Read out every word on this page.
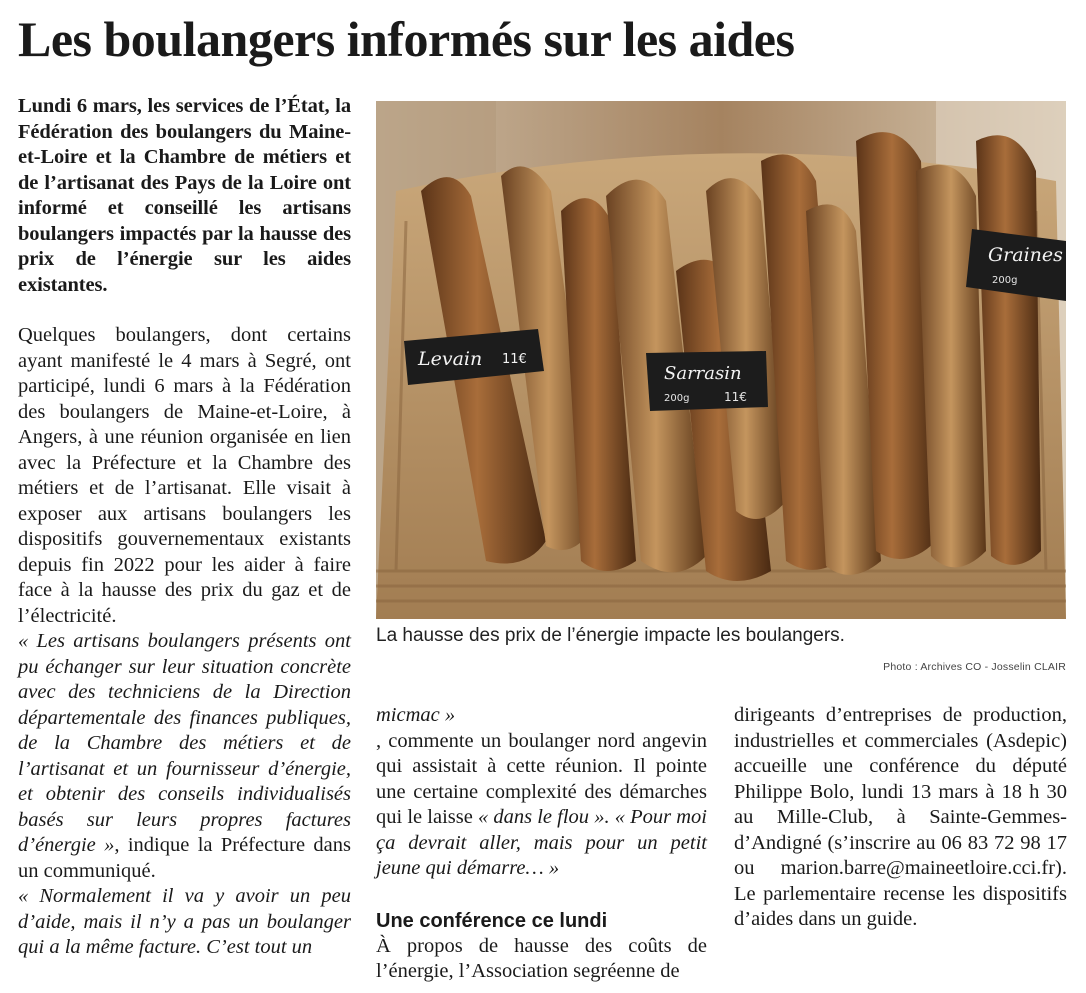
Les boulangers informés sur les aides

Lundi 6 mars, les services de l’État, la Fédération des boulangers du Maine-et-Loire et la Chambre de métiers et de l’artisanat des Pays de la Loire ont informé et conseillé les artisans boulangers impactés par la hausse des prix de l’énergie sur les aides existantes.

Quelques boulangers, dont certains ayant manifesté le 4 mars à Segré, ont participé, lundi 6 mars à la Fédération des boulangers de Maine-et-Loire, à Angers, à une réunion organisée en lien avec la Préfecture et la Chambre des métiers et de l’artisanat. Elle visait à exposer aux artisans boulangers les dispositifs gouvernementaux existants depuis fin 2022 pour les aider à faire face à la hausse des prix du gaz et de l’électricité.

« Les artisans boulangers présents ont pu échanger sur leur situation concrète avec des techniciens de la Direction départementale des finances publiques, de la Chambre des métiers et de l’artisanat et un fournisseur d’énergie, et obtenir des conseils individualisés basés sur leurs propres factures d’énergie », indique la Préfecture dans un communiqué.

« Normalement il va y avoir un peu d’aide, mais il n’y a pas un boulanger qui a la même facture. C’est tout un

Levain 11€
Sarrasin
200g	11€
Graines
200g
La hausse des prix de l’énergie impacte les boulangers.
Photo : Archives CO - Josselin CLAIR

micmac »

, commente un boulanger nord angevin qui assistait à cette réunion. Il pointe une certaine complexité des démarches qui le laisse « dans le flou ». « Pour moi ça devrait aller, mais pour un petit jeune qui démarre… »

Une conférence ce lundi

À propos de hausse des coûts de l’énergie, l’Association segréenne de

dirigeants d’entreprises de production, industrielles et commerciales (Asdepic) accueille une conférence du député Philippe Bolo, lundi 13 mars à 18 h 30 au Mille-Club, à Sainte-Gemmes-d’Andigné (s’inscrire au 06 83 72 98 17 ou marion.barre@maineetloire.cci.fr). Le parlementaire recense les dispositifs d’aides dans un guide.
